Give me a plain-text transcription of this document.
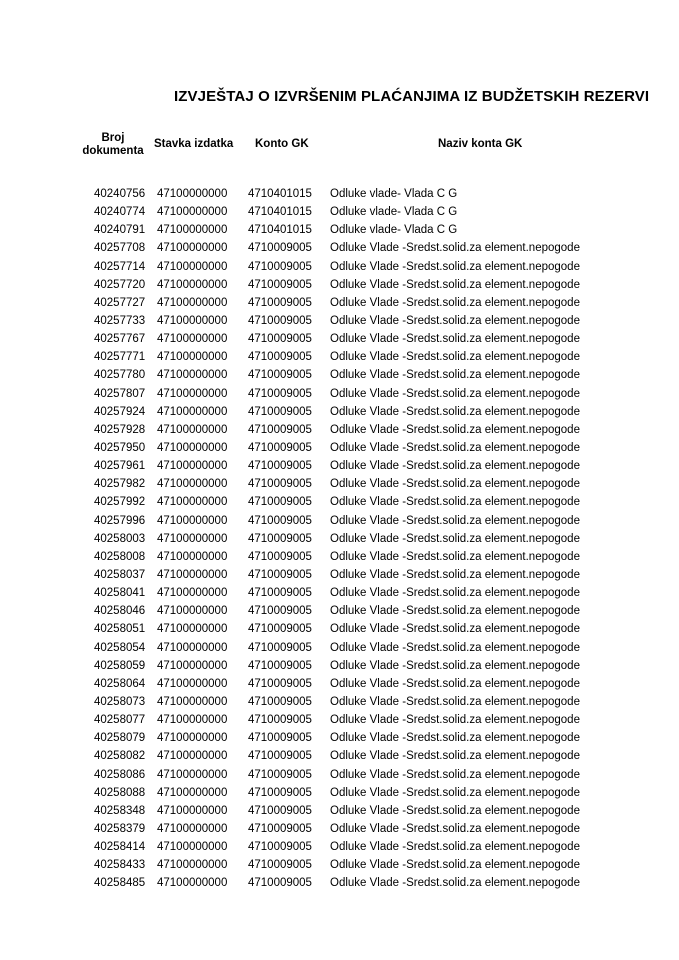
IZVJEŠTAJ O IZVRŠENIM PLAĆANJIMA IZ BUDŽETSKIH REZERVI
Broj
dokumenta
Stavka izdatka Konto GK	Naziv konta GK
40240756 47100000000 4710401015 Odluke vlade- Vlada C G
40240774 47100000000 4710401015 Odluke vlade- Vlada C G
40240791 47100000000 4710401015 Odluke vlade- Vlada C G
40257708 47100000000 4710009005 Odluke Vlade -Sredst.solid.za element.nepogode
40257714 47100000000 4710009005 Odluke Vlade -Sredst.solid.za element.nepogode
40257720 47100000000 4710009005 Odluke Vlade -Sredst.solid.za element.nepogode
40257727 47100000000 4710009005 Odluke Vlade -Sredst.solid.za element.nepogode
40257733 47100000000 4710009005 Odluke Vlade -Sredst.solid.za element.nepogode
40257767 47100000000 4710009005 Odluke Vlade -Sredst.solid.za element.nepogode
40257771 47100000000 4710009005 Odluke Vlade -Sredst.solid.za element.nepogode
40257780 47100000000 4710009005 Odluke Vlade -Sredst.solid.za element.nepogode
40257807 47100000000 4710009005 Odluke Vlade -Sredst.solid.za element.nepogode
40257924 47100000000 4710009005 Odluke Vlade -Sredst.solid.za element.nepogode
40257928 47100000000 4710009005 Odluke Vlade -Sredst.solid.za element.nepogode
40257950 47100000000 4710009005 Odluke Vlade -Sredst.solid.za element.nepogode
40257961 47100000000 4710009005 Odluke Vlade -Sredst.solid.za element.nepogode
40257982 47100000000 4710009005 Odluke Vlade -Sredst.solid.za element.nepogode
40257992 47100000000 4710009005 Odluke Vlade -Sredst.solid.za element.nepogode
40257996 47100000000 4710009005 Odluke Vlade -Sredst.solid.za element.nepogode
40258003 47100000000 4710009005 Odluke Vlade -Sredst.solid.za element.nepogode
40258008 47100000000 4710009005 Odluke Vlade -Sredst.solid.za element.nepogode
40258037 47100000000 4710009005 Odluke Vlade -Sredst.solid.za element.nepogode
40258041 47100000000 4710009005 Odluke Vlade -Sredst.solid.za element.nepogode
40258046 47100000000 4710009005 Odluke Vlade -Sredst.solid.za element.nepogode
40258051 47100000000 4710009005 Odluke Vlade -Sredst.solid.za element.nepogode
40258054 47100000000 4710009005 Odluke Vlade -Sredst.solid.za element.nepogode
40258059 47100000000 4710009005 Odluke Vlade -Sredst.solid.za element.nepogode
40258064 47100000000 4710009005 Odluke Vlade -Sredst.solid.za element.nepogode
40258073 47100000000 4710009005 Odluke Vlade -Sredst.solid.za element.nepogode
40258077 47100000000 4710009005 Odluke Vlade -Sredst.solid.za element.nepogode
40258079 47100000000 4710009005 Odluke Vlade -Sredst.solid.za element.nepogode
40258082 47100000000 4710009005 Odluke Vlade -Sredst.solid.za element.nepogode
40258086 47100000000 4710009005 Odluke Vlade -Sredst.solid.za element.nepogode
40258088 47100000000 4710009005 Odluke Vlade -Sredst.solid.za element.nepogode
40258348 47100000000 4710009005 Odluke Vlade -Sredst.solid.za element.nepogode
40258379 47100000000 4710009005 Odluke Vlade -Sredst.solid.za element.nepogode
40258414 47100000000 4710009005 Odluke Vlade -Sredst.solid.za element.nepogode
40258433 47100000000 4710009005 Odluke Vlade -Sredst.solid.za element.nepogode
40258485 47100000000 4710009005 Odluke Vlade -Sredst.solid.za element.nepogode
